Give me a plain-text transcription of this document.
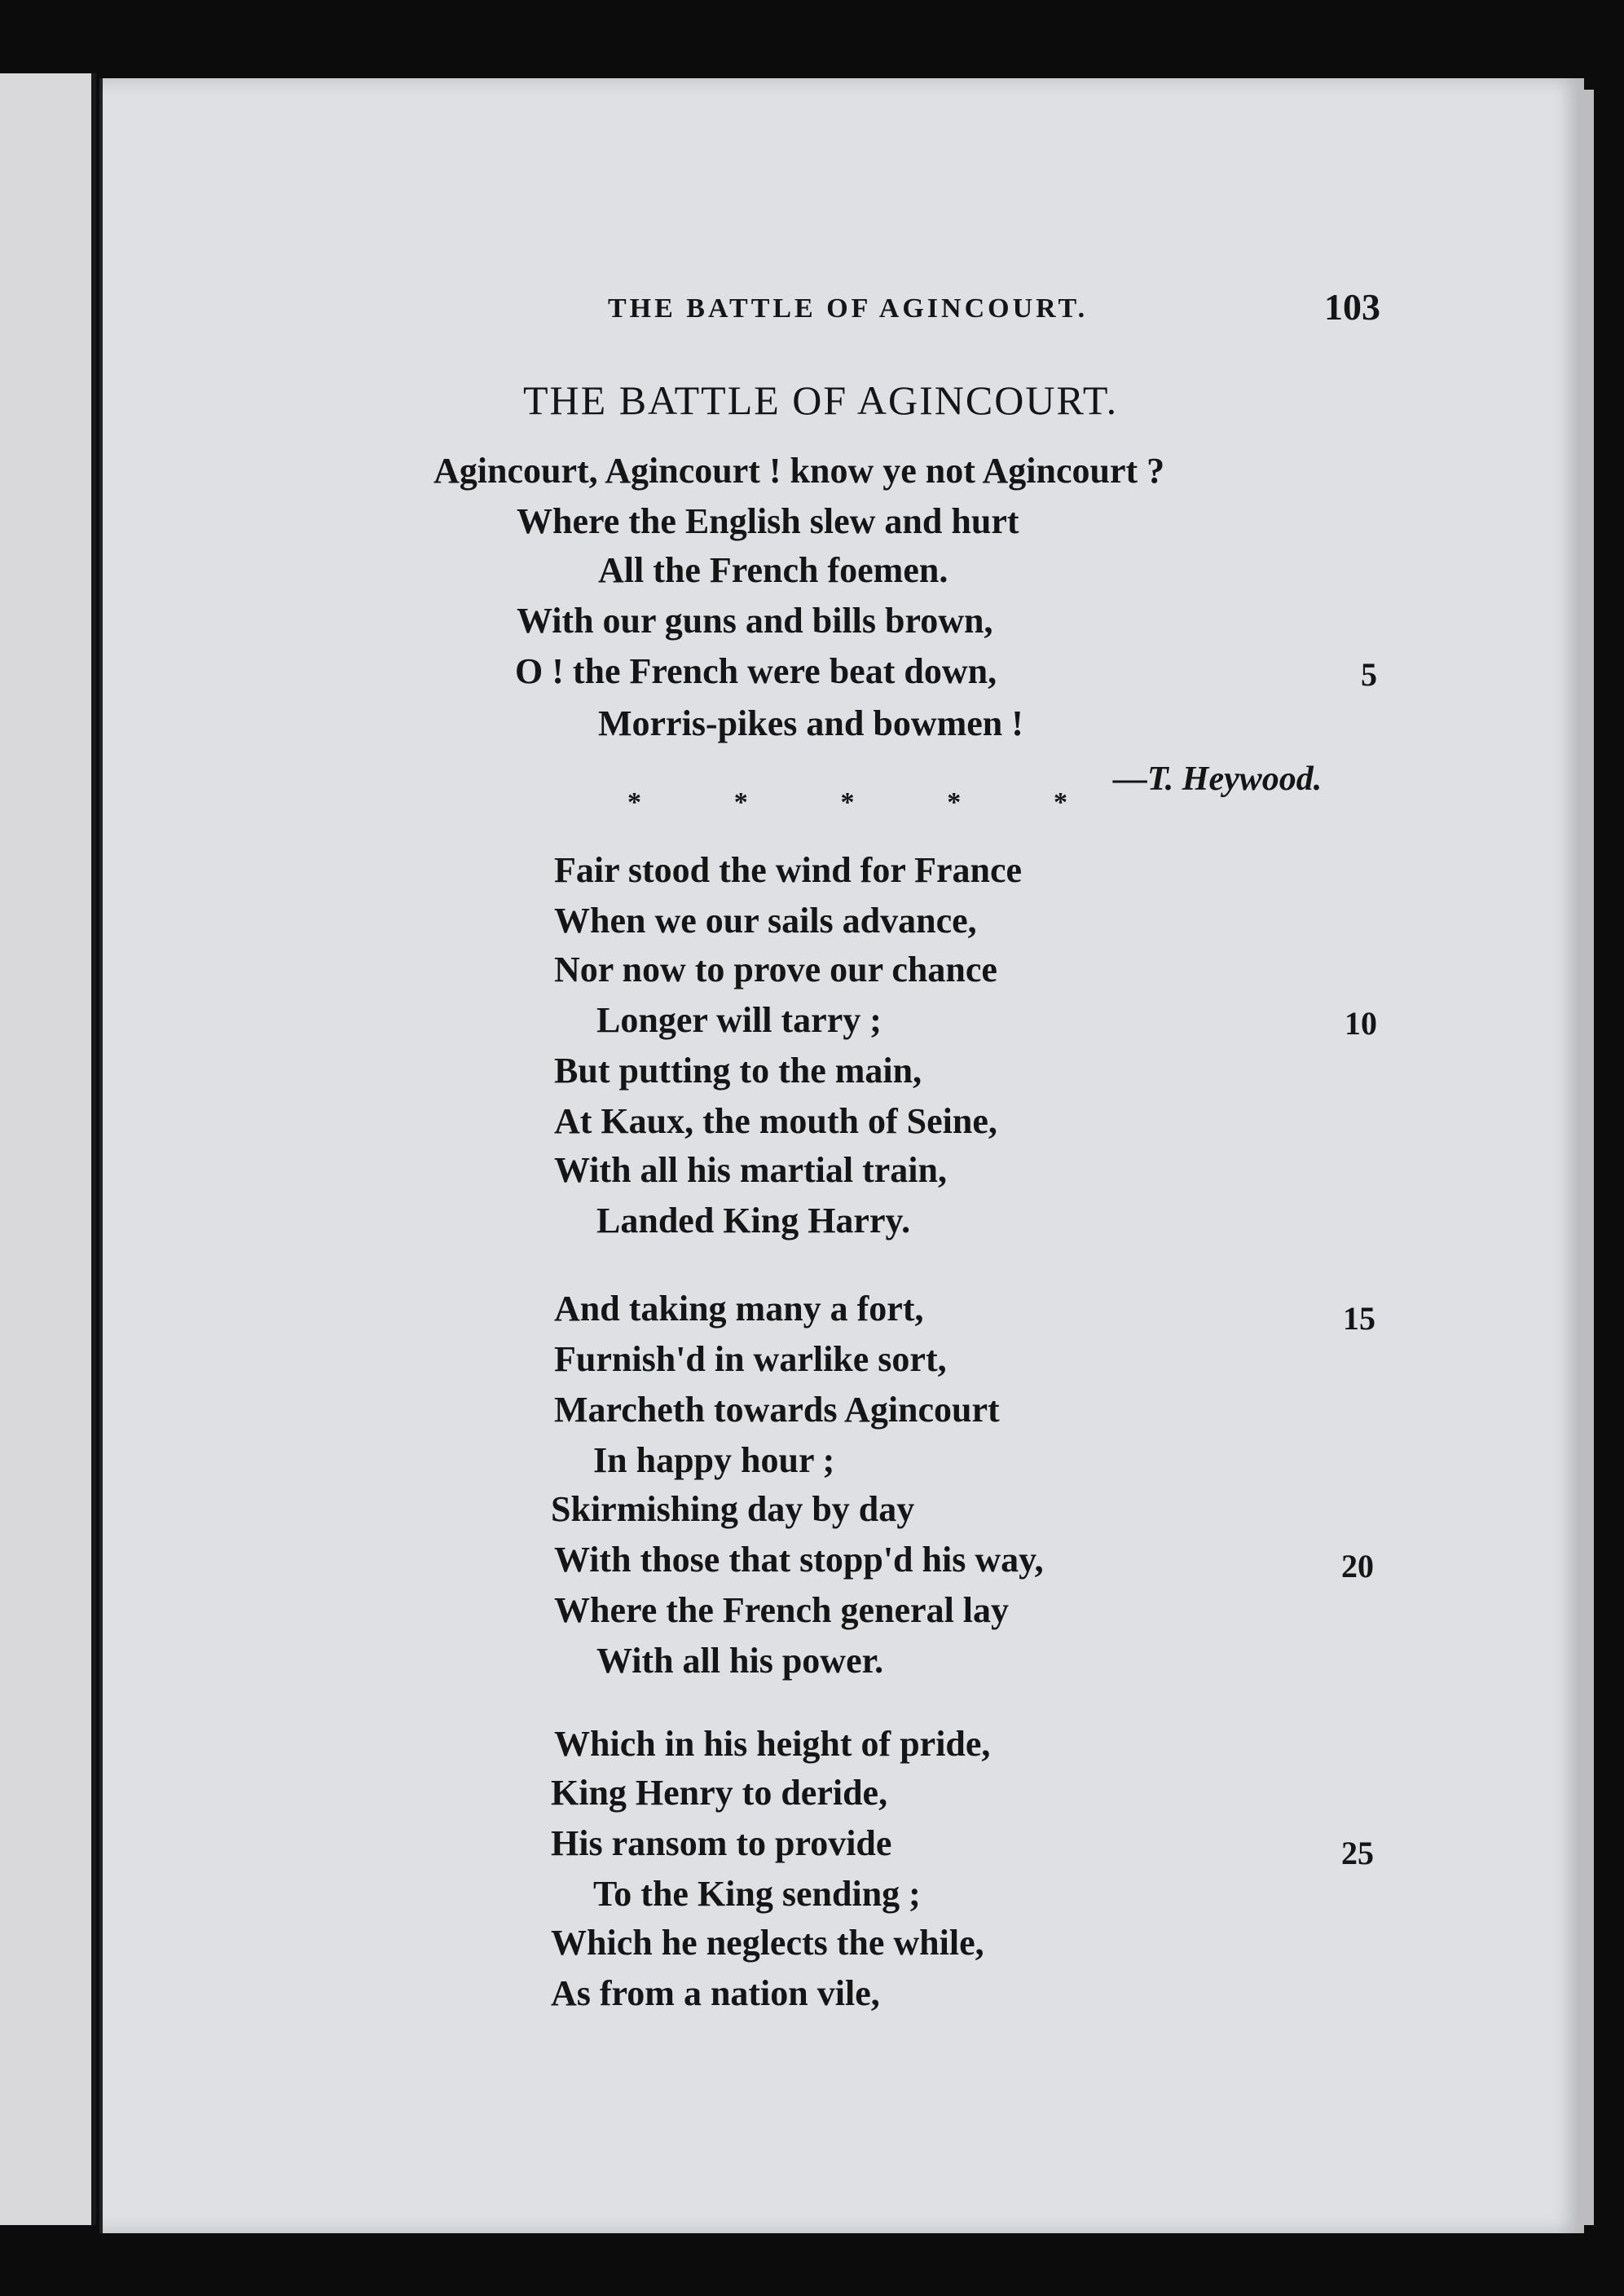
THE BATTLE OF AGINCOURT.	103
THE BATTLE OF AGINCOURT.
Agincourt, Agincourt ! know ye not Agincourt ?
Where the English slew and hurt
All the French foemen.
With our guns and bills brown,
O ! the French were beat down,
Morris-pikes and bowmen !
5
—T. Heywood.
*	*	*	*	*
Fair stood the wind for France
When we our sails advance,
Nor now to prove our chance
Longer will tarry ;
But putting to the main,
At Kaux, the mouth of Seine,
With all his martial train,
Landed King Harry.
10
And taking many a fort,
Furnish'd in warlike sort,
Marcheth towards Agincourt
In happy hour ;
Skirmishing day by day
With those that stopp'd his way,
Where the French general lay
With all his power.
15
20
Which in his height of pride,
King Henry to deride,
His ransom to provide
To the King sending ;
Which he neglects the while,
As from a nation vile,
25
